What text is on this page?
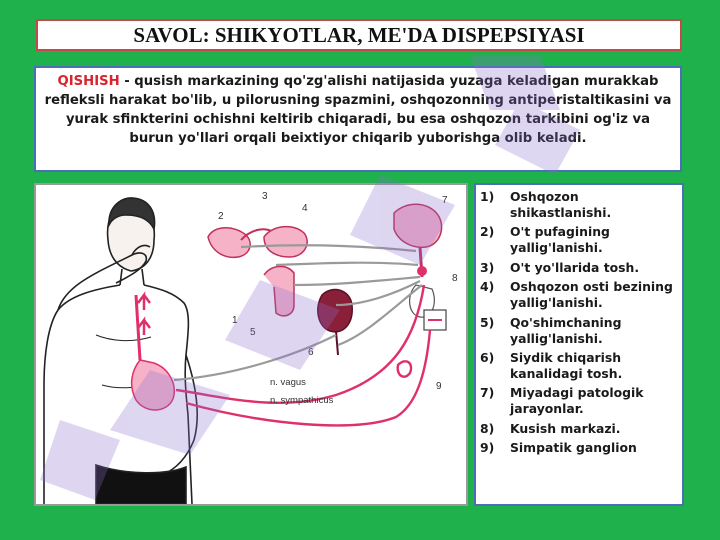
SAVOL: SHIKYOTLAR, ME'DA DISPEPSIYASI
QISHISH - qusish markazining qo'zg'alishi natijasida yuzaga keladigan murakkab refleksli harakat bo'lib, u pilorusning spazmini, oshqozonning antiperistaltikasini va yurak sfinkterini ochishni keltirib chiqaradi, bu esa oshqozon tarkibini og'iz va burun yo'llari orqali beixtiyor chiqarib yuborishga olib keladi.
1
2
3
4
5
6
7
8
9
n. vagus
n. sympathicus
1)	Oshqozon shikastlanishi.
2)	O't pufagining yallig'lanishi.
3)	O't yo'llarida tosh.
4)	Oshqozon osti bezining yallig'lanishi.
5)	Qo'shimchaning yallig'lanishi.
6)	Siydik chiqarish kanalidagi tosh.
7)	Miyadagi patologik jarayonlar.
8)	Kusish markazi.
9)	Simpatik ganglion
